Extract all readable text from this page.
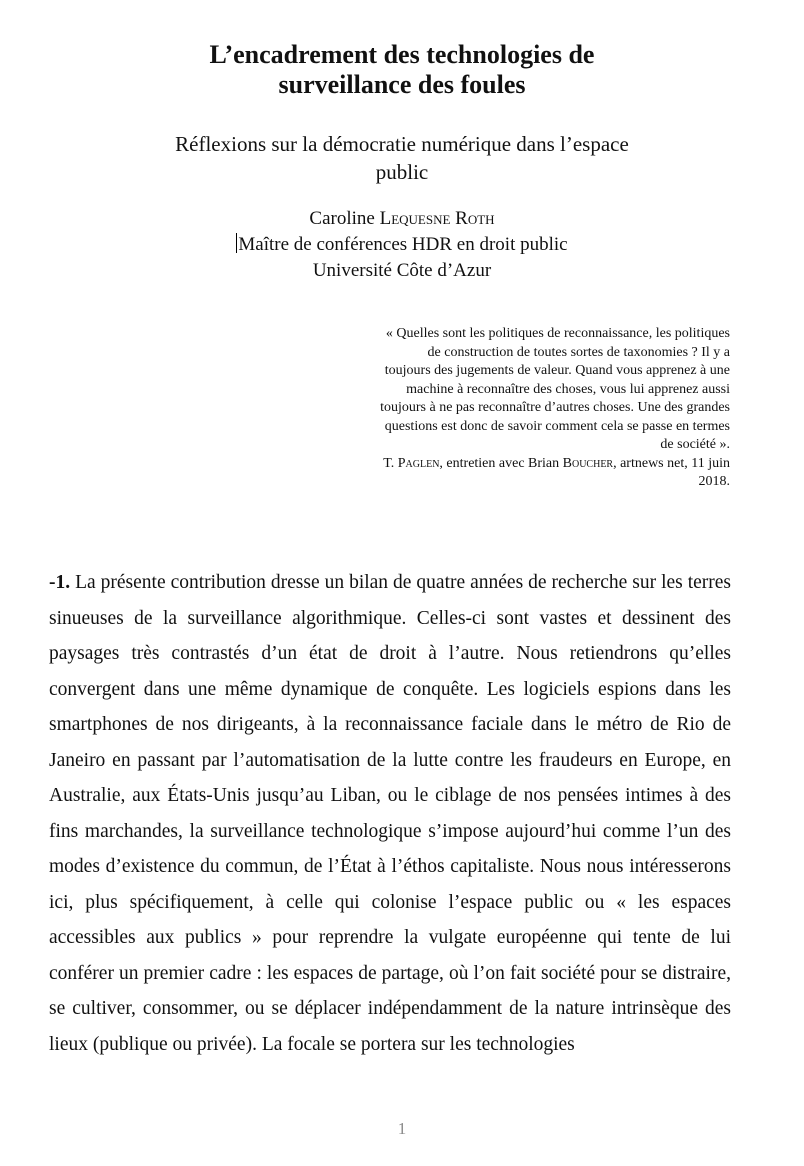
L’encadrement des technologies de
surveillance des foules
Réflexions sur la démocratie numérique dans l’espace
public
Caroline Lequesne Roth
Maître de conférences HDR en droit public
Université Côte d’Azur
« Quelles sont les politiques de reconnaissance, les politiques de construction de toutes sortes de taxonomies ? Il y a toujours des jugements de valeur. Quand vous apprenez à une machine à reconnaître des choses, vous lui apprenez aussi toujours à ne pas reconnaître d’autres choses. Une des grandes questions est donc de savoir comment cela se passe en termes de société ».
T. Paglen, entretien avec Brian Boucher, artnews net, 11 juin 2018.
-1. La présente contribution dresse un bilan de quatre années de recherche sur les terres sinueuses de la surveillance algorithmique. Celles-ci sont vastes et dessinent des paysages très contrastés d’un état de droit à l’autre. Nous retiendrons qu’elles convergent dans une même dynamique de conquête. Les logiciels espions dans les smartphones de nos dirigeants, à la reconnaissance faciale dans le métro de Rio de Janeiro en passant par l’automatisation de la lutte contre les fraudeurs en Europe, en Australie, aux États-Unis jusqu’au Liban, ou le ciblage de nos pensées intimes à des fins marchandes, la surveillance technologique s’impose aujourd’hui comme l’un des modes d’existence du commun, de l’État à l’éthos capitaliste. Nous nous intéresserons ici, plus spécifiquement, à celle qui colonise l’espace public ou « les espaces accessibles aux publics » pour reprendre la vulgate européenne qui tente de lui conférer un premier cadre : les espaces de partage, où l’on fait société pour se distraire, se cultiver, consommer, ou se déplacer indépendamment de la nature intrinsèque des lieux (publique ou privée). La focale se portera sur les technologies
1
